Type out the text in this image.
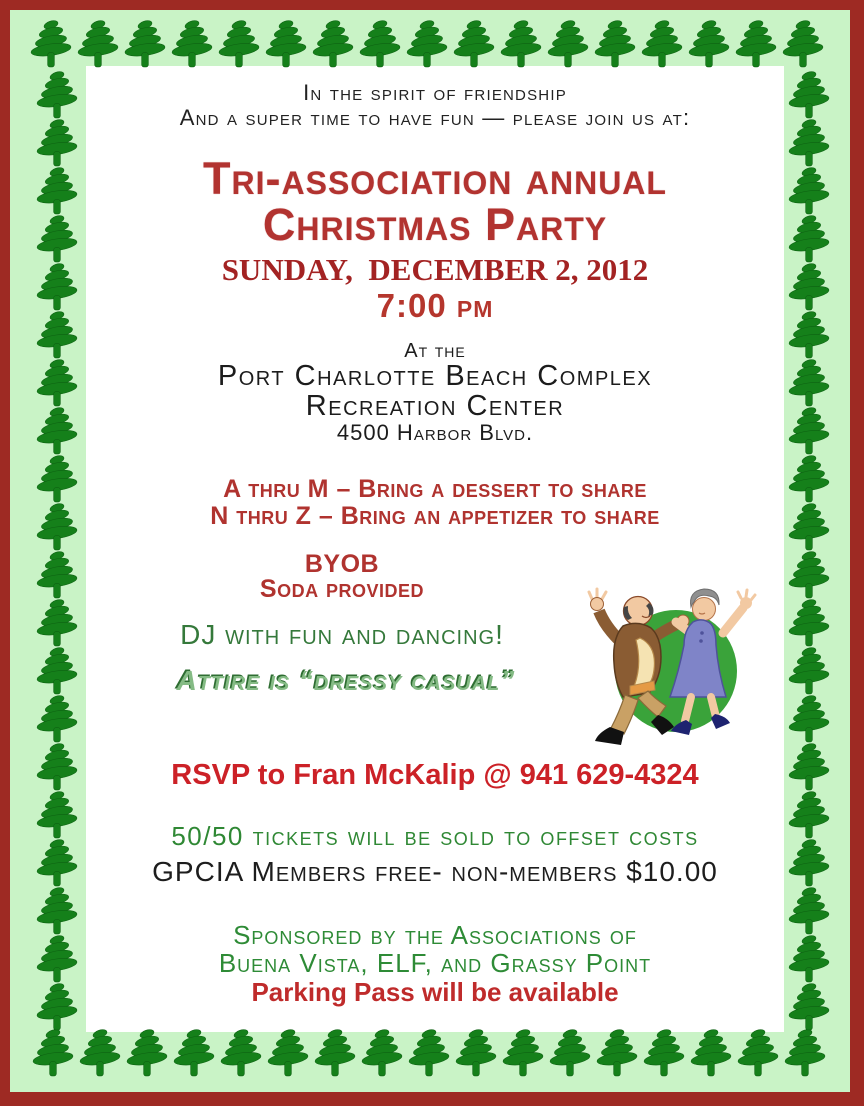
In the spirit of friendship
And a super time to have fun — please join us at:
Tri-association annual
Christmas Party
SUNDAY,  DECEMBER 2, 2012
7:00 pm
At the
Port Charlotte Beach Complex
Recreation Center
4500 Harbor Blvd.
A thru M – Bring a dessert to share
N thru Z – Bring an appetizer to share
BYOB
Soda provided
DJ with fun and dancing!
Attire is “dressy casual”
RSVP to Fran McKalip @ 941 629-4324
50/50 tickets will be sold to offset costs
GPCIA Members free- non-members $10.00
Sponsored by the Associations of
Buena Vista, ELF, and Grassy Point
Parking Pass will be available
